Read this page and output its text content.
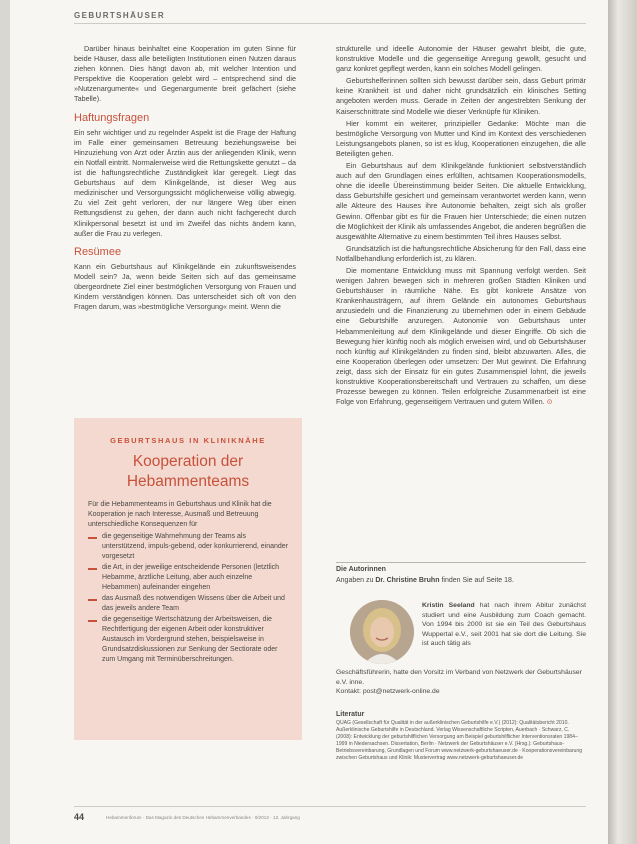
GEBURTSHÄUSER

Darüber hinaus beinhaltet eine Kooperation im guten Sinne für beide Häuser, dass alle beteiligten Institutionen einen Nutzen daraus ziehen können. Dies hängt davon ab, mit welcher Intention und Perspektive die Kooperation gelebt wird – entsprechend sind die »Nutzenargumente« und Gegenargumente breit gefächert (siehe Tabelle).

Haftungsfragen

Ein sehr wichtiger und zu regelnder Aspekt ist die Frage der Haftung im Falle einer gemeinsamen Betreuung beziehungsweise bei Hinzuziehung von Arzt oder Ärztin aus der anliegenden Klinik, wenn ein Notfall eintritt. Normalerweise wird die Rettungskette genutzt – da ist die haftungsrechtliche Zuständigkeit klar geregelt. Liegt das Geburtshaus auf dem Klinikgelände, ist dieser Weg aus medizinischer und Versorgungssicht möglicherweise völlig abwegig. Zu viel Zeit geht verloren, der nur längere Weg über einen Rettungsdienst zu gehen, der dann auch nicht fachgerecht durch Klinikpersonal besetzt ist und im Zweifel das nichts ändern kann, außer die Frau zu verlegen.

Resümee

Kann ein Geburtshaus auf Klinikgelände ein zukunftsweisendes Modell sein? Ja, wenn beide Seiten sich auf das gemeinsame übergeordnete Ziel einer bestmöglichen Versorgung von Frauen und Kindern verständigen können. Das unterscheidet sich oft von den Fragen darum, was »bestmögliche Versorgung« meint. Wenn die

strukturelle und ideelle Autonomie der Häuser gewahrt bleibt, die gute, konstruktive Modelle und die gegenseitige Anregung gewollt, gesucht und ganz konkret gepflegt werden, kann ein solches Modell gelingen.

Geburtshelferinnen sollten sich bewusst darüber sein, dass Geburt primär keine Krankheit ist und daher nicht grundsätzlich ein klinisches Setting angeboten werden muss. Gerade in Zeiten der angestrebten Senkung der Kaiserschnittrate sind Modelle wie dieser Verknüpfe für Kliniken.

Hier kommt ein weiterer, prinzipieller Gedanke: Möchte man die bestmögliche Versorgung von Mutter und Kind im Kontext des verschiedenen Leistungsangebots planen, so ist es klug, Kooperationen einzugehen, die alle Beteiligten gehen.

Ein Geburtshaus auf dem Klinikgelände funktioniert selbstverständlich auch auf den Grundlagen eines erfüllten, achtsamen Kooperationsmodells, ohne die ideelle Übereinstimmung beider Seiten. Die aktuelle Entwicklung, dass Geburtshilfe gesichert und gemeinsam verantwortet werden kann, wenn alle Akteure des Hauses ihre Autonomie behalten, zeigt sich als großer Gewinn. Offenbar gibt es für die Frauen hier Unterschiede; die einen nutzen die Möglichkeit der Klinik als umfassendes Angebot, die anderen begrüßen die ausgewählte Alternative zu einem bestimmten Teil ihres Hauses selbst.

Grundsätzlich ist die haftungsrechtliche Absicherung für den Fall, dass eine Notfallbehandlung erforderlich ist, zu klären.

Die momentane Entwicklung muss mit Spannung verfolgt werden. Seit wenigen Jahren bewegen sich in mehreren großen Städten Kliniken und Geburtshäuser in räumliche Nähe. Es gibt konkrete Ansätze von Krankenhausträgern, auf ihrem Gelände ein autonomes Geburtshaus anzusiedeln und die Finanzierung zu übernehmen oder in einem Gebäude eine Geburtshilfe anzuregen. Autonomie von Geburtshaus unter Hebammenleitung auf dem Klinikgelände und dieser Eingriffe. Ob sich die Bewegung hier künftig noch als möglich erweisen wird, und ob Geburtshäuser noch künftig auf Klinikgeländen zu finden sind, bleibt abzuwarten. Alles, die eine Kooperation überlegen oder umsetzen: Der Mut gewinnt. Die Erfahrung zeigt, dass sich der Einsatz für ein gutes Zusammenspiel lohnt, die jeweils konstruktive Kooperationsbereitschaft und Vertrauen zu schaffen, um diese Prozesse bewegen zu können. Teilen erfolgreiche Zusammenarbeit ist eine Folge von Erfahrung, gegenseitigem Vertrauen und gutem Willen. ⊙

GEBURTSHAUS IN KLINIKNÄHE
Kooperation der Hebammenteams

Für die Hebammenteams in Geburtshaus und Klinik hat die Kooperation je nach Interesse, Ausmaß und Betreuung unterschiedliche Konsequenzen für

die gegenseitige Wahrnehmung der Teams als unterstützend, impuls-gebend, oder konkurrierend, einander vorgesetzt
die Art, in der jeweilige entscheidende Personen (letztlich Hebamme, ärztliche Leitung, aber auch einzelne Hebammen) aufeinander eingehen
das Ausmaß des notwendigen Wissens über die Arbeit und das jeweils andere Team
die gegenseitige Wertschätzung der Arbeitsweisen, die Rechtfertigung der eigenen Arbeit oder konstruktiver Austausch im Vordergrund stehen, beispielsweise in Grundsatzdiskussionen zur Senkung der Sectiorate oder zum Umgang mit Terminüberschreitungen.
Die Autorinnen
Angaben zu Dr. Christine Bruhn finden Sie auf Seite 18.
Kristin Seeland hat nach ihrem Abitur zunächst studiert und eine Ausbildung zum Coach gemacht. Von 1994 bis 2000 ist sie ein Teil des Geburtshaus Wuppertal e.V., seit 2001 hat sie dort die Leitung. Sie ist auch tätig als

Geschäftsführerin, hatte den Vorsitz im Verband von Netzwerk der Geburtshäuser e.V. inne.

Kontakt: post@netzwerk-online.de

Literatur
QUAG (Gesellschaft für Qualität in der außerklinischen Geburtshilfe e.V.) (2012): Qualitätsbericht 2010. Außerklinische Geburtshilfe in Deutschland. Verlag Wissenschaftliche Scripten, Auerbach · Schwarz, C. (2008): Entwicklung der geburtshilflichen Versorgung am Beispiel geburtshilflicher Interventionsraten 1984–1999 in Niedersachsen. Dissertation, Berlin · Netzwerk der Geburtshäuser e.V. (Hrsg.): Geburtshaus-Betriebsvereinbarung, Grundlagen und Forum www.netzwerk-geburtshaeuser.de · Kooperationsvereinbarung zwischen Geburtshaus und Klinik: Mustervertrag www.netzwerk-geburtshaeuser.de
44	Hebammenforum · Das Magazin des Deutschen Hebammenverbandes · 9/2012 · 13. Jahrgang
